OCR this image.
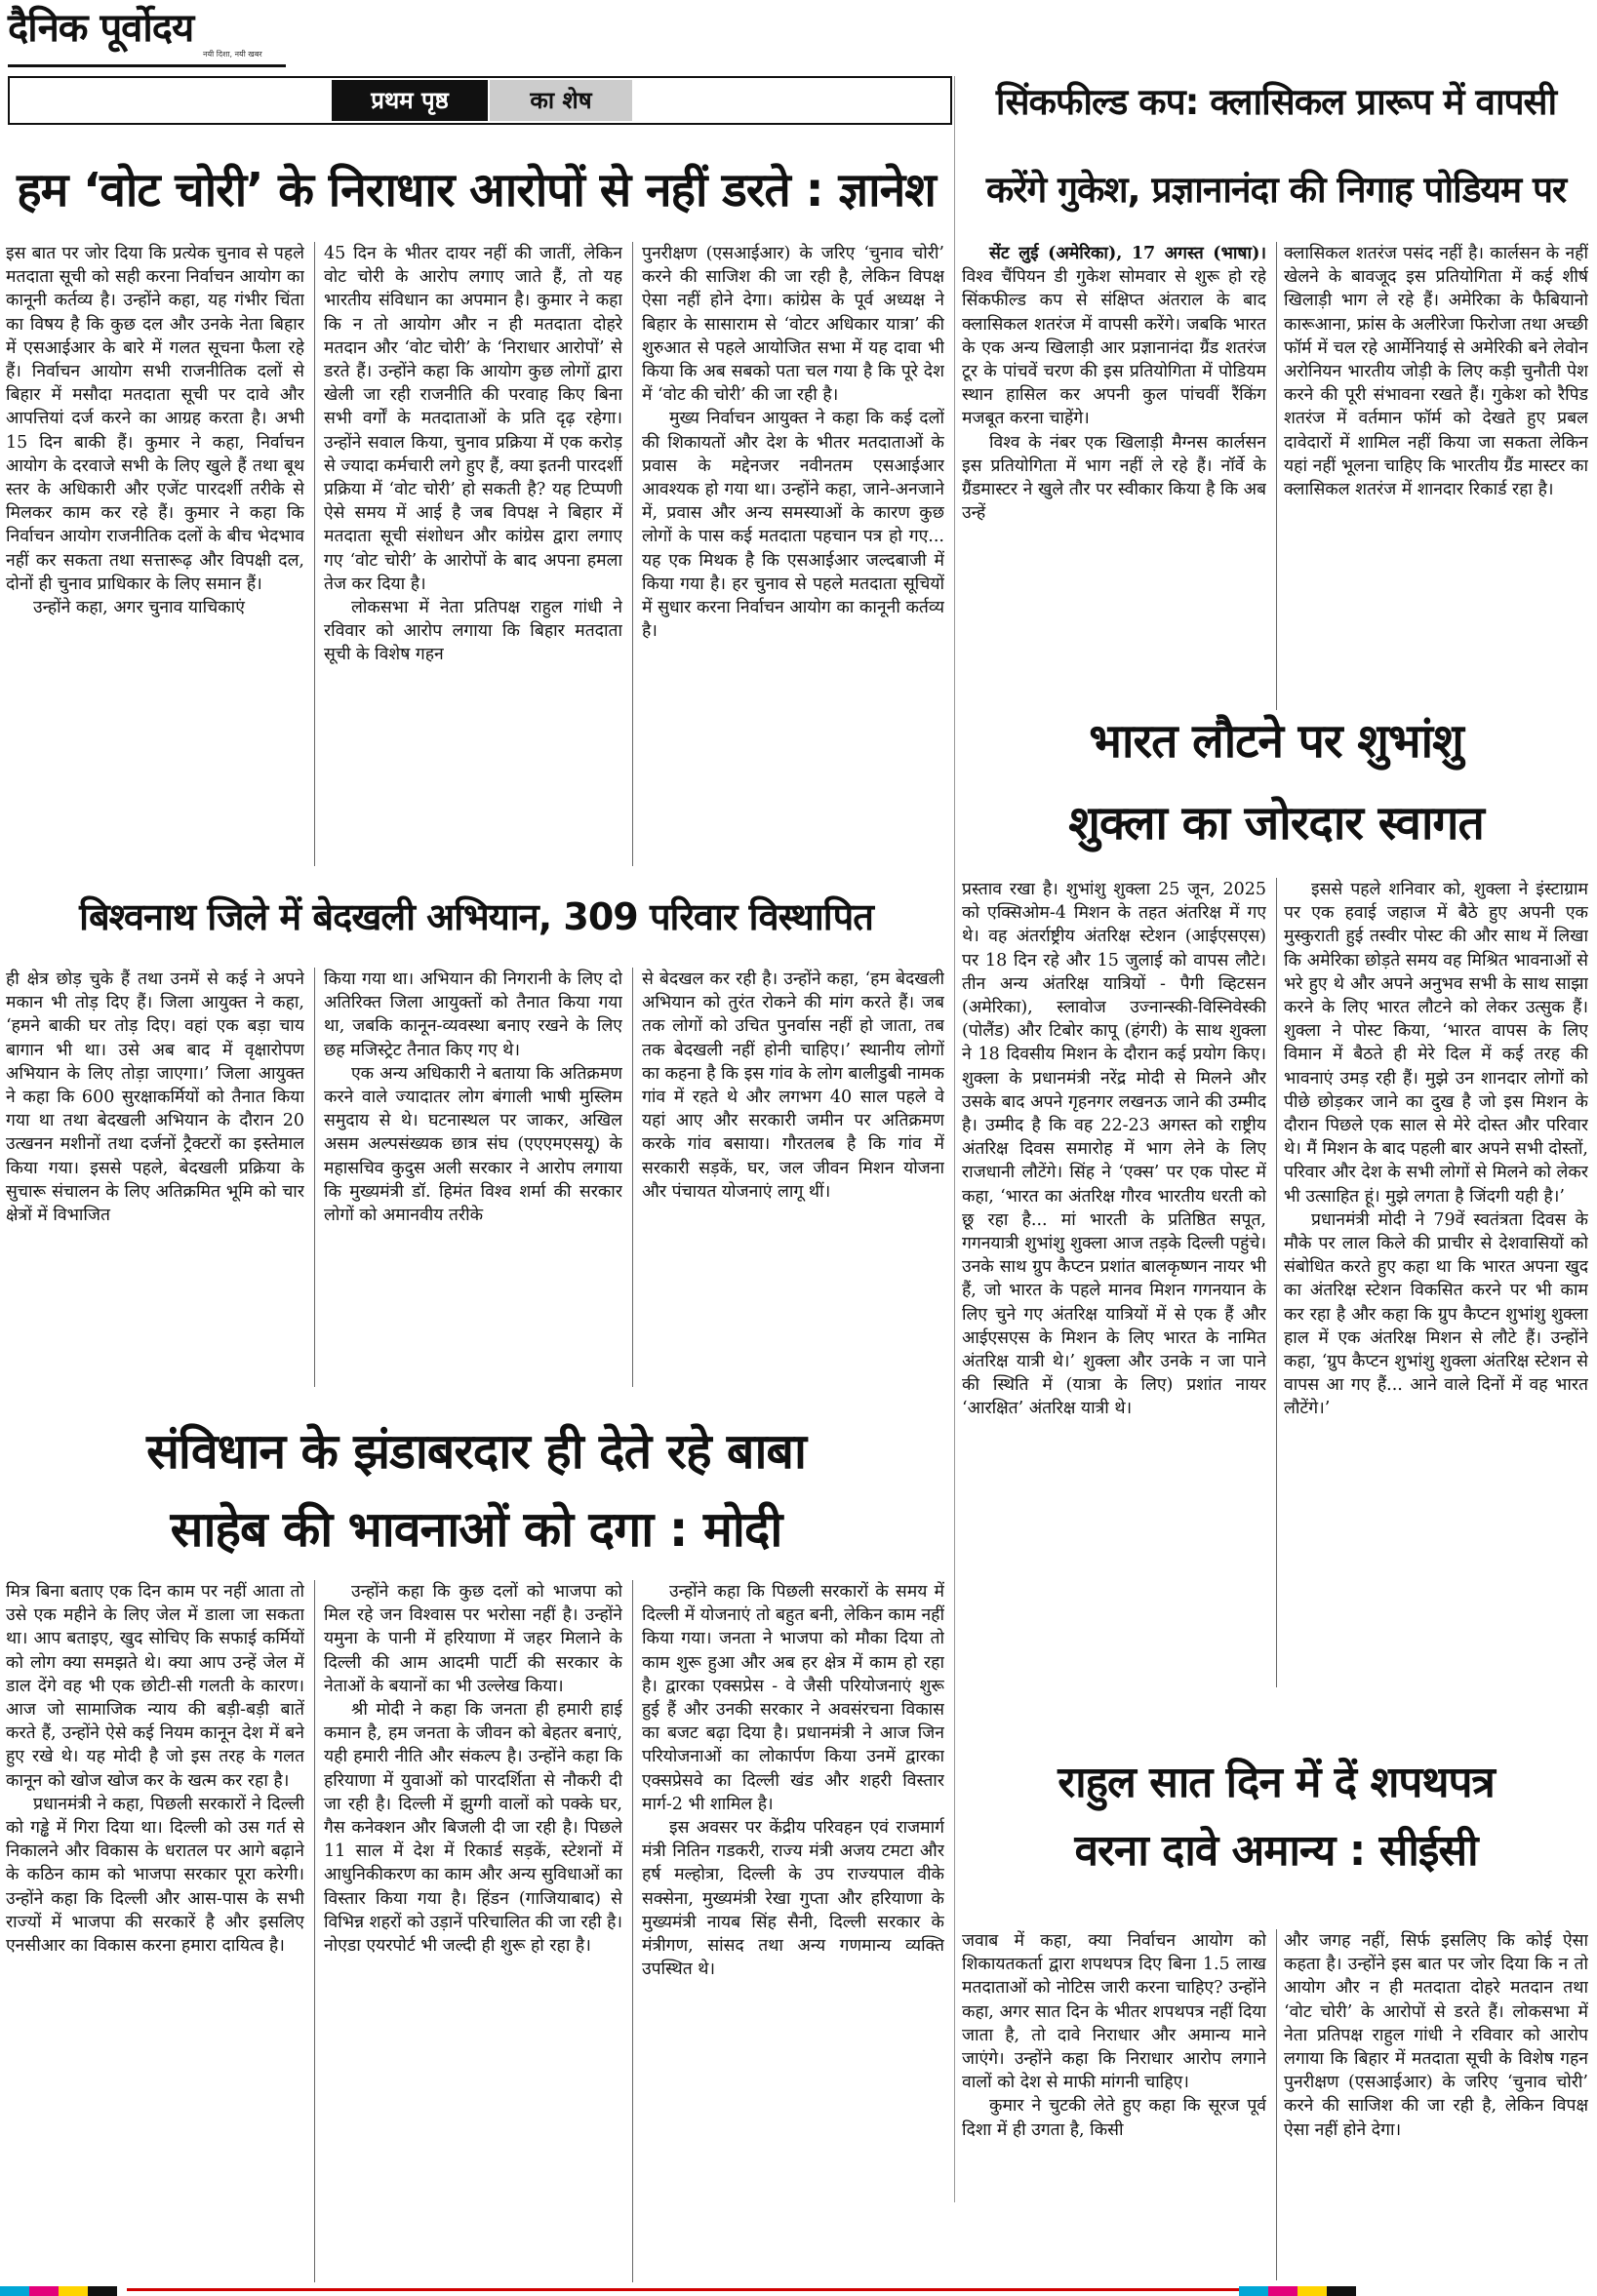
दैनिक पूर्वोदय
नयी दिशा, नयी खबर
प्रथम पृष्ठ	का शेष
हम ‘वोट चोरी’ के निराधार आरोपों से नहीं डरते : ज्ञानेश

इस बात पर जोर दिया कि प्रत्येक चुनाव से पहले मतदाता सूची को सही करना निर्वाचन आयोग का कानूनी कर्तव्य है। उन्होंने कहा, यह गंभीर चिंता का विषय है कि कुछ दल और उनके नेता बिहार में एसआईआर के बारे में गलत सूचना फैला रहे हैं। निर्वाचन आयोग सभी राजनीतिक दलों से बिहार में मसौदा मतदाता सूची पर दावे और आपत्तियां दर्ज करने का आग्रह करता है। अभी 15 दिन बाकी हैं। कुमार ने कहा, निर्वाचन आयोग के दरवाजे सभी के लिए खुले हैं तथा बूथ स्तर के अधिकारी और एजेंट पारदर्शी तरीके से मिलकर काम कर रहे हैं। कुमार ने कहा कि निर्वाचन आयोग राजनीतिक दलों के बीच भेदभाव नहीं कर सकता तथा सत्तारूढ़ और विपक्षी दल, दोनों ही चुनाव प्राधिकार के लिए समान हैं।

उन्होंने कहा, अगर चुनाव याचिकाएं

45 दिन के भीतर दायर नहीं की जातीं, लेकिन वोट चोरी के आरोप लगाए जाते हैं, तो यह भारतीय संविधान का अपमान है। कुमार ने कहा कि न तो आयोग और न ही मतदाता दोहरे मतदान और ‘वोट चोरी’ के ‘निराधार आरोपों’ से डरते हैं। उन्होंने कहा कि आयोग कुछ लोगों द्वारा खेली जा रही राजनीति की परवाह किए बिना सभी वर्गों के मतदाताओं के प्रति दृढ़ रहेगा। उन्होंने सवाल किया, चुनाव प्रक्रिया में एक करोड़ से ज्यादा कर्मचारी लगे हुए हैं, क्या इतनी पारदर्शी प्रक्रिया में ‘वोट चोरी’ हो सकती है? यह टिप्पणी ऐसे समय में आई है जब विपक्ष ने बिहार में मतदाता सूची संशोधन और कांग्रेस द्वारा लगाए गए ‘वोट चोरी’ के आरोपों के बाद अपना हमला तेज कर दिया है।

लोकसभा में नेता प्रतिपक्ष राहुल गांधी ने रविवार को आरोप लगाया कि बिहार मतदाता सूची के विशेष गहन

पुनरीक्षण (एसआईआर) के जरिए ‘चुनाव चोरी’ करने की साजिश की जा रही है, लेकिन विपक्ष ऐसा नहीं होने देगा। कांग्रेस के पूर्व अध्यक्ष ने बिहार के सासाराम से ‘वोटर अधिकार यात्रा’ की शुरुआत से पहले आयोजित सभा में यह दावा भी किया कि अब सबको पता चल गया है कि पूरे देश में ‘वोट की चोरी’ की जा रही है।

मुख्य निर्वाचन आयुक्त ने कहा कि कई दलों की शिकायतों और देश के भीतर मतदाताओं के प्रवास के मद्देनजर नवीनतम एसआईआर आवश्यक हो गया था। उन्होंने कहा, जाने-अनजाने में, प्रवास और अन्य समस्याओं के कारण कुछ लोगों के पास कई मतदाता पहचान पत्र हो गए... यह एक मिथक है कि एसआईआर जल्दबाजी में किया गया है। हर चुनाव से पहले मतदाता सूचियों में सुधार करना निर्वाचन आयोग का कानूनी कर्तव्य है।

सिंकफील्ड कप: क्लासिकल प्रारूप में वापसी
करेंगे गुकेश, प्रज्ञानानंदा की निगाह पोडियम पर

सेंट लुई (अमेरिका), 17 अगस्त (भाषा)। विश्व चैंपियन डी गुकेश सोमवार से शुरू हो रहे सिंकफील्ड कप से संक्षिप्त अंतराल के बाद क्लासिकल शतरंज में वापसी करेंगे। जबकि भारत के एक अन्य खिलाड़ी आर प्रज्ञानानंदा ग्रैंड शतरंज टूर के पांचवें चरण की इस प्रतियोगिता में पोडियम स्थान हासिल कर अपनी कुल पांचवीं रैंकिंग मजबूत करना चाहेंगे।

विश्व के नंबर एक खिलाड़ी मैग्नस कार्लसन इस प्रतियोगिता में भाग नहीं ले रहे हैं। नॉर्वे के ग्रैंडमास्टर ने खुले तौर पर स्वीकार किया है कि अब उन्हें

क्लासिकल शतरंज पसंद नहीं है। कार्लसन के नहीं खेलने के बावजूद इस प्रतियोगिता में कई शीर्ष खिलाड़ी भाग ले रहे हैं। अमेरिका के फैबियानो कारूआना, फ्रांस के अलीरेजा फिरोजा तथा अच्छी फॉर्म में चल रहे आर्मेनियाई से अमेरिकी बने लेवोन अरोनियन भारतीय जोड़ी के लिए कड़ी चुनौती पेश करने की पूरी संभावना रखते हैं। गुकेश को रैपिड शतरंज में वर्तमान फॉर्म को देखते हुए प्रबल दावेदारों में शामिल नहीं किया जा सकता लेकिन यहां नहीं भूलना चाहिए कि भारतीय ग्रैंड मास्टर का क्लासिकल शतरंज में शानदार रिकार्ड रहा है।

भारत लौटने पर शुभांशु
शुक्ला का जोरदार स्वागत

प्रस्ताव रखा है। शुभांशु शुक्ला 25 जून, 2025 को एक्सिओम-4 मिशन के तहत अंतरिक्ष में गए थे। वह अंतर्राष्ट्रीय अंतरिक्ष स्टेशन (आईएसएस) पर 18 दिन रहे और 15 जुलाई को वापस लौटे। तीन अन्य अंतरिक्ष यात्रियों - पैगी व्हिटसन (अमेरिका), स्लावोज उज्नान्स्की-विस्निवेस्की (पोलैंड) और टिबोर कापू (हंगरी) के साथ शुक्ला ने 18 दिवसीय मिशन के दौरान कई प्रयोग किए। शुक्ला के प्रधानमंत्री नरेंद्र मोदी से मिलने और उसके बाद अपने गृहनगर लखनऊ जाने की उम्मीद है। उम्मीद है कि वह 22-23 अगस्त को राष्ट्रीय अंतरिक्ष दिवस समारोह में भाग लेने के लिए राजधानी लौटेंगे। सिंह ने ‘एक्स’ पर एक पोस्ट में कहा, ‘भारत का अंतरिक्ष गौरव भारतीय धरती को छू रहा है... मां भारती के प्रतिष्ठित सपूत, गगनयात्री शुभांशु शुक्ला आज तड़के दिल्ली पहुंचे। उनके साथ ग्रुप कैप्टन प्रशांत बालकृष्णन नायर भी हैं, जो भारत के पहले मानव मिशन गगनयान के लिए चुने गए अंतरिक्ष यात्रियों में से एक हैं और आईएसएस के मिशन के लिए भारत के नामित अंतरिक्ष यात्री थे।’ शुक्ला और उनके न जा पाने की स्थिति में (यात्रा के लिए) प्रशांत नायर ‘आरक्षित’ अंतरिक्ष यात्री थे।

इससे पहले शनिवार को, शुक्ला ने इंस्टाग्राम पर एक हवाई जहाज में बैठे हुए अपनी एक मुस्कुराती हुई तस्वीर पोस्ट की और साथ में लिखा कि अमेरिका छोड़ते समय वह मिश्रित भावनाओं से भरे हुए थे और अपने अनुभव सभी के साथ साझा करने के लिए भारत लौटने को लेकर उत्सुक हैं। शुक्ला ने पोस्ट किया, ‘भारत वापस के लिए विमान में बैठते ही मेरे दिल में कई तरह की भावनाएं उमड़ रही हैं। मुझे उन शानदार लोगों को पीछे छोड़कर जाने का दुख है जो इस मिशन के दौरान पिछले एक साल से मेरे दोस्त और परिवार थे। मैं मिशन के बाद पहली बार अपने सभी दोस्तों, परिवार और देश के सभी लोगों से मिलने को लेकर भी उत्साहित हूं। मुझे लगता है जिंदगी यही है।’

प्रधानमंत्री मोदी ने 79वें स्वतंत्रता दिवस के मौके पर लाल किले की प्राचीर से देशवासियों को संबोधित करते हुए कहा था कि भारत अपना खुद का अंतरिक्ष स्टेशन विकसित करने पर भी काम कर रहा है और कहा कि ग्रुप कैप्टन शुभांशु शुक्ला हाल में एक अंतरिक्ष मिशन से लौटे हैं। उन्होंने कहा, ‘ग्रुप कैप्टन शुभांशु शुक्ला अंतरिक्ष स्टेशन से वापस आ गए हैं... आने वाले दिनों में वह भारत लौटेंगे।’

बिश्वनाथ जिले में बेदखली अभियान, 309 परिवार विस्थापित

ही क्षेत्र छोड़ चुके हैं तथा उनमें से कई ने अपने मकान भी तोड़ दिए हैं। जिला आयुक्त ने कहा, ‘हमने बाकी घर तोड़ दिए। वहां एक बड़ा चाय बागान भी था। उसे अब बाद में वृक्षारोपण अभियान के लिए तोड़ा जाएगा।’ जिला आयुक्त ने कहा कि 600 सुरक्षाकर्मियों को तैनात किया गया था तथा बेदखली अभियान के दौरान 20 उत्खनन मशीनों तथा दर्जनों ट्रैक्टरों का इस्तेमाल किया गया। इससे पहले, बेदखली प्रक्रिया के सुचारू संचालन के लिए अतिक्रमित भूमि को चार क्षेत्रों में विभाजित

किया गया था। अभियान की निगरानी के लिए दो अतिरिक्त जिला आयुक्तों को तैनात किया गया था, जबकि कानून-व्यवस्था बनाए रखने के लिए छह मजिस्ट्रेट तैनात किए गए थे।

एक अन्य अधिकारी ने बताया कि अतिक्रमण करने वाले ज्यादातर लोग बंगाली भाषी मुस्लिम समुदाय से थे। घटनास्थल पर जाकर, अखिल असम अल्पसंख्यक छात्र संघ (एएएमएसयू) के महासचिव कुदुस अली सरकार ने आरोप लगाया कि मुख्यमंत्री डॉ. हिमंत विश्व शर्मा की सरकार लोगों को अमानवीय तरीके

से बेदखल कर रही है। उन्होंने कहा, ‘हम बेदखली अभियान को तुरंत रोकने की मांग करते हैं। जब तक लोगों को उचित पुनर्वास नहीं हो जाता, तब तक बेदखली नहीं होनी चाहिए।’ स्थानीय लोगों का कहना है कि इस गांव के लोग बालीडुबी नामक गांव में रहते थे और लगभग 40 साल पहले वे यहां आए और सरकारी जमीन पर अतिक्रमण करके गांव बसाया। गौरतलब है कि गांव में सरकारी सड़कें, घर, जल जीवन मिशन योजना और पंचायत योजनाएं लागू थीं।

संविधान के झंडाबरदार ही देते रहे बाबा
साहेब की भावनाओं को दगा : मोदी

मित्र बिना बताए एक दिन काम पर नहीं आता तो उसे एक महीने के लिए जेल में डाला जा सकता था। आप बताइए, खुद सोचिए कि सफाई कर्मियों को लोग क्या समझते थे। क्या आप उन्हें जेल में डाल देंगे वह भी एक छोटी-सी गलती के कारण। आज जो सामाजिक न्याय की बड़ी-बड़ी बातें करते हैं, उन्होंने ऐसे कई नियम कानून देश में बने हुए रखे थे। यह मोदी है जो इस तरह के गलत कानून को खोज खोज कर के खत्म कर रहा है।

प्रधानमंत्री ने कहा, पिछली सरकारों ने दिल्ली को गड्ढे में गिरा दिया था। दिल्ली को उस गर्त से निकालने और विकास के धरातल पर आगे बढ़ाने के कठिन काम को भाजपा सरकार पूरा करेगी। उन्होंने कहा कि दिल्ली और आस-पास के सभी राज्यों में भाजपा की सरकारें है और इसलिए एनसीआर का विकास करना हमारा दायित्व है।

उन्होंने कहा कि कुछ दलों को भाजपा को मिल रहे जन विश्वास पर भरोसा नहीं है। उन्होंने यमुना के पानी में हरियाणा में जहर मिलाने के दिल्ली की आम आदमी पार्टी की सरकार के नेताओं के बयानों का भी उल्लेख किया।

श्री मोदी ने कहा कि जनता ही हमारी हाई कमान है, हम जनता के जीवन को बेहतर बनाएं, यही हमारी नीति और संकल्प है। उन्होंने कहा कि हरियाणा में युवाओं को पारदर्शिता से नौकरी दी जा रही है। दिल्ली में झुग्गी वालों को पक्के घर, गैस कनेक्शन और बिजली दी जा रही है। पिछले 11 साल में देश में रिकार्ड सड़कें, स्टेशनों में आधुनिकीकरण का काम और अन्य सुविधाओं का विस्तार किया गया है। हिंडन (गाजियाबाद) से विभिन्न शहरों को उड़ानें परिचालित की जा रही है। नोएडा एयरपोर्ट भी जल्दी ही शुरू हो रहा है।

उन्होंने कहा कि पिछली सरकारों के समय में दिल्ली में योजनाएं तो बहुत बनी, लेकिन काम नहीं किया गया। जनता ने भाजपा को मौका दिया तो काम शुरू हुआ और अब हर क्षेत्र में काम हो रहा है। द्वारका एक्सप्रेस - वे जैसी परियोजनाएं शुरू हुई हैं और उनकी सरकार ने अवसंरचना विकास का बजट बढ़ा दिया है। प्रधानमंत्री ने आज जिन परियोजनाओं का लोकार्पण किया उनमें द्वारका एक्सप्रेसवे का दिल्ली खंड और शहरी विस्तार मार्ग-2 भी शामिल है।

इस अवसर पर केंद्रीय परिवहन एवं राजमार्ग मंत्री नितिन गडकरी, राज्य मंत्री अजय टमटा और हर्ष मल्होत्रा, दिल्ली के उप राज्यपाल वीके सक्सेना, मुख्यमंत्री रेखा गुप्ता और हरियाणा के मुख्यमंत्री नायब सिंह सैनी, दिल्ली सरकार के मंत्रीगण, सांसद तथा अन्य गणमान्य व्यक्ति उपस्थित थे।

राहुल सात दिन में दें शपथपत्र
वरना दावे अमान्य : सीईसी

जवाब में कहा, क्या निर्वाचन आयोग को शिकायतकर्ता द्वारा शपथपत्र दिए बिना 1.5 लाख मतदाताओं को नोटिस जारी करना चाहिए? उन्होंने कहा, अगर सात दिन के भीतर शपथपत्र नहीं दिया जाता है, तो दावे निराधार और अमान्य माने जाएंगे। उन्होंने कहा कि निराधार आरोप लगाने वालों को देश से माफी मांगनी चाहिए।

कुमार ने चुटकी लेते हुए कहा कि सूरज पूर्व दिशा में ही उगता है, किसी

और जगह नहीं, सिर्फ इसलिए कि कोई ऐसा कहता है। उन्होंने इस बात पर जोर दिया कि न तो आयोग और न ही मतदाता दोहरे मतदान तथा ‘वोट चोरी’ के आरोपों से डरते हैं। लोकसभा में नेता प्रतिपक्ष राहुल गांधी ने रविवार को आरोप लगाया कि बिहार में मतदाता सूची के विशेष गहन पुनरीक्षण (एसआईआर) के जरिए ‘चुनाव चोरी’ करने की साजिश की जा रही है, लेकिन विपक्ष ऐसा नहीं होने देगा।
